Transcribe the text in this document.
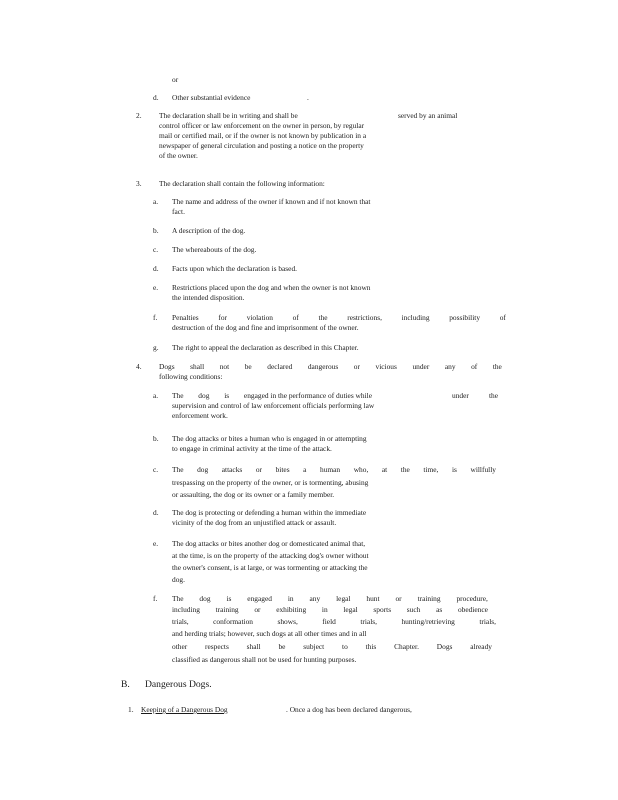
or
d. Other substantial evidence	.
2. The declaration shall be in writing and shall be	served by an animal
control officer or law enforcement on the owner in person, by regular
mail or certified mail, or if the owner is not known by publication in a
newspaper of general circulation and posting a notice on the property
of the owner.
3. The declaration shall contain the following information:
a. The name and address of the owner if known and if not known that
fact.
b. A description of the dog.
c. The whereabouts of the dog.
d. Facts upon which the declaration is based.
e. Restrictions placed upon the dog and when the owner is not known
the intended disposition.
f. Penalties	for	violation	of	the	restrictions,	including	possibility	of
destruction of the dog and fine and imprisonment of the owner.
g. The right to appeal the declaration as described in this Chapter.
4. Dogs shall not be declared dangerous or vicious under any of the
following conditions:
a. The dog is engaged in the performance of duties while	under	the
supervision and control of law enforcement officials performing law
enforcement work.
b. The dog attacks or bites a human who is engaged in or attempting
to engage in criminal activity at the time of the attack.
c. The dog attacks or bites a human who, at the time, is willfully
trespassing on the property of the owner, or is tormenting, abusing
or assaulting, the dog or its owner or a family member.
d. The dog is protecting or defending a human within the immediate
vicinity of the dog from an unjustified attack or assault.
e. The dog attacks or bites another dog or domesticated animal that,
at the time, is on the property of the attacking dog's owner without
the owner's consent, is at large, or was tormenting or attacking the
dog.
f. The dog is engaged in any legal hunt or training procedure,
including training or exhibiting in legal sports such as obedience
trials,	conformation	shows,	field	trials,	hunting/retrieving	trials,
and herding trials; however, such dogs at all other times and in all
other respects shall be subject to this Chapter. Dogs already
classified as dangerous shall not be used for hunting purposes.
B. Dangerous Dogs.
1. Keeping of a Dangerous Dog	. Once a dog has been declared dangerous,
